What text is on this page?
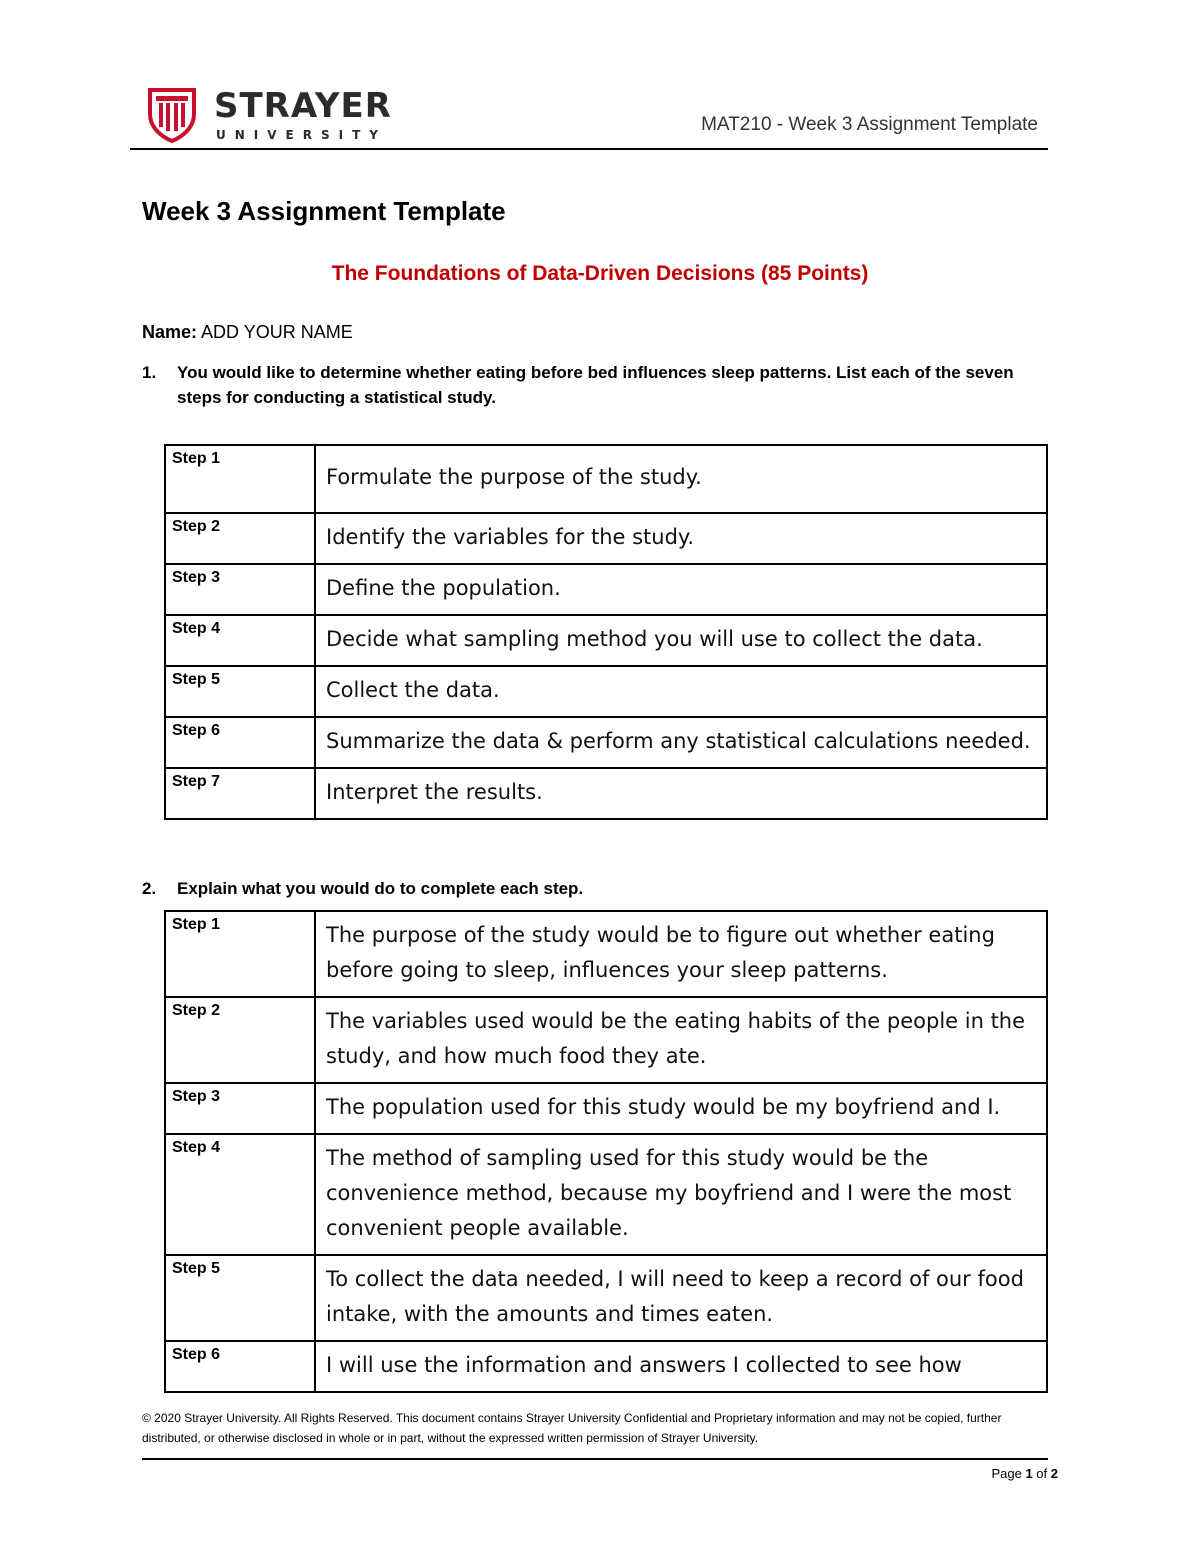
STRAYER
UNIVERSITY	MAT210 - Week 3 Assignment Template
Week 3 Assignment Template
The Foundations of Data-Driven Decisions (85 Points)
Name: ADD YOUR NAME
1.	You would like to determine whether eating before bed influences sleep patterns. List each of the seven steps for conducting a statistical study.
Step 1	Formulate the purpose of the study.
Step 2	Identify the variables for the study.
Step 3	Define the population.
Step 4	Decide what sampling method you will use to collect the data.
Step 5	Collect the data.
Step 6	Summarize the data & perform any statistical calculations needed.
Step 7	Interpret the results.
2.	Explain what you would do to complete each step.
Step 1	The purpose of the study would be to figure out whether eating before going to sleep, influences your sleep patterns.
Step 2	The variables used would be the eating habits of the people in the study, and how much food they ate.
Step 3	The population used for this study would be my boyfriend and I.
Step 4	The method of sampling used for this study would be the convenience method, because my boyfriend and I were the most convenient people available.
Step 5	To collect the data needed, I will need to keep a record of our food intake, with the amounts and times eaten.
Step 6	I will use the information and answers I collected to see how
© 2020 Strayer University. All Rights Reserved. This document contains Strayer University Confidential and Proprietary information and may not be copied, further distributed, or otherwise disclosed in whole or in part, without the expressed written permission of Strayer University.
Page 1 of 2
